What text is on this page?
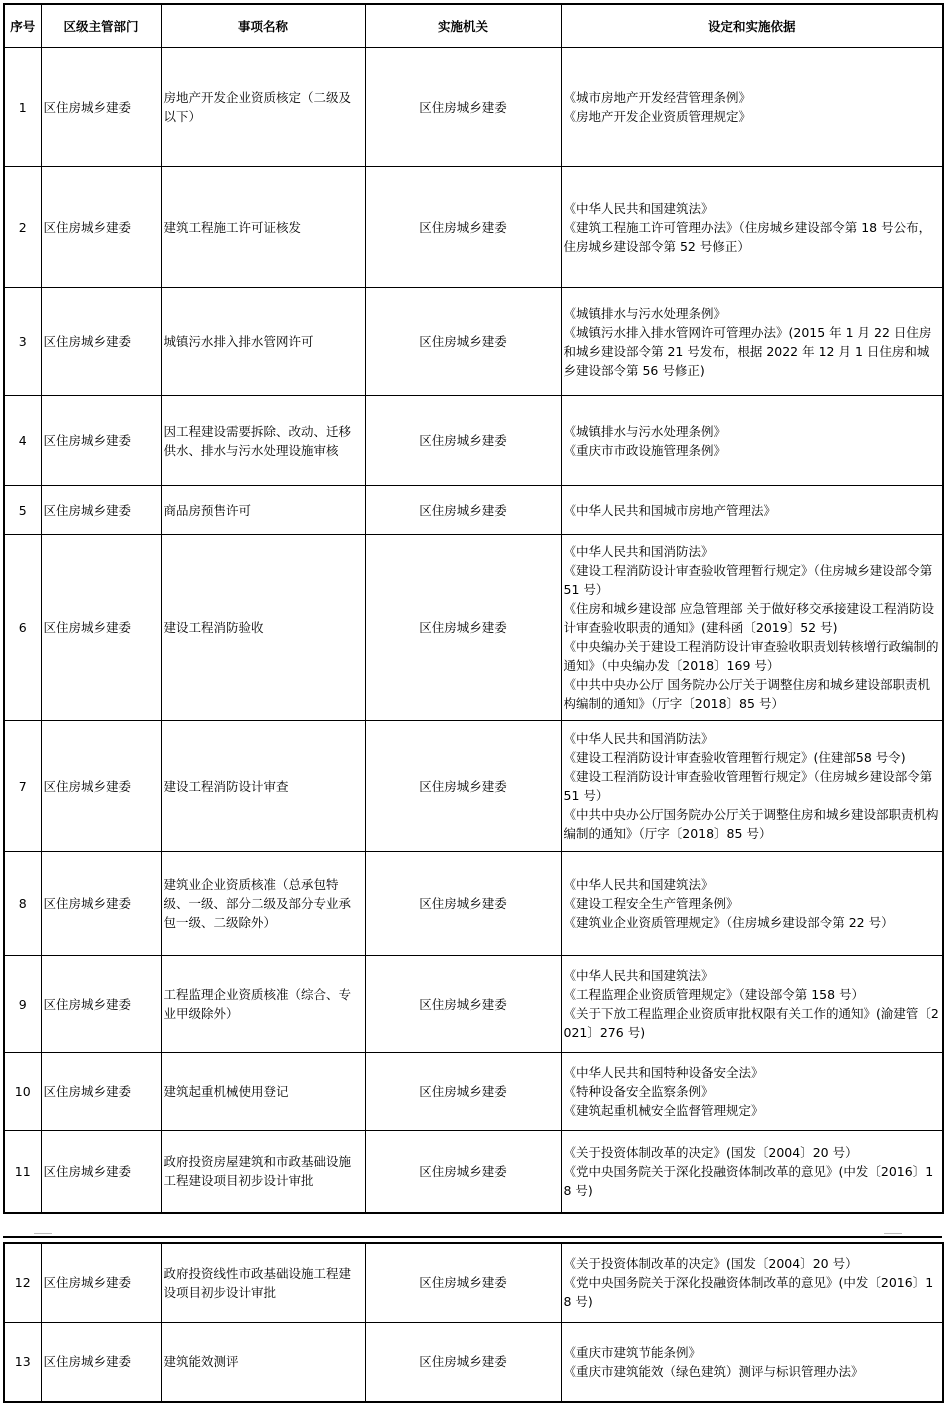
序号	区级主管部门	事项名称	实施机关	设定和实施依据
1	区住房城乡建委	房地产开发企业资质核定（二级及以下）	区住房城乡建委	《城市房地产开发经营管理条例》
《房地产开发企业资质管理规定》

2	区住房城乡建委	建筑工程施工许可证核发	区住房城乡建委	《中华人民共和国建筑法》
《建筑工程施工许可管理办法》（住房城乡建设部令第 18 号公布，住房城乡建设部令第 52 号修正）

3	区住房城乡建委	城镇污水排入排水管网许可	区住房城乡建委	《城镇排水与污水处理条例》
《城镇污水排入排水管网许可管理办法》(2015 年 1 月 22 日住房和城乡建设部令第 21 号发布，根据 2022 年 12 月 1 日住房和城乡建设部令第 56 号修正)

4	区住房城乡建委	因工程建设需要拆除、改动、迁移供水、排水与污水处理设施审核	区住房城乡建委	《城镇排水与污水处理条例》
《重庆市市政设施管理条例》

5	区住房城乡建委	商品房预售许可	区住房城乡建委	《中华人民共和国城市房地产管理法》

6	区住房城乡建委	建设工程消防验收	区住房城乡建委	《中华人民共和国消防法》
《建设工程消防设计审查验收管理暂行规定》（住房城乡建设部令第 51 号）
《住房和城乡建设部 应急管理部 关于做好移交承接建设工程消防设计审查验收职责的通知》(建科函〔2019〕52 号)
《中央编办关于建设工程消防设计审查验收职责划转核增行政编制的通知》（中央编办发〔2018〕169 号）
《中共中央办公厅 国务院办公厅关于调整住房和城乡建设部职责机构编制的通知》（厅字〔2018〕85 号）

7	区住房城乡建委	建设工程消防设计审查	区住房城乡建委	《中华人民共和国消防法》
《建设工程消防设计审查验收管理暂行规定》(住建部58 号令)
《建设工程消防设计审查验收管理暂行规定》（住房城乡建设部令第 51 号）
《中共中央办公厅国务院办公厅关于调整住房和城乡建设部职责机构编制的通知》（厅字〔2018〕85 号）

8	区住房城乡建委	建筑业企业资质核准（总承包特级、一级、部分二级及部分专业承包一级、二级除外）	区住房城乡建委	《中华人民共和国建筑法》
《建设工程安全生产管理条例》
《建筑业企业资质管理规定》（住房城乡建设部令第 22 号）

9	区住房城乡建委	工程监理企业资质核准（综合、专业甲级除外）	区住房城乡建委	《中华人民共和国建筑法》
《工程监理企业资质管理规定》（建设部令第 158 号）
《关于下放工程监理企业资质审批权限有关工作的通知》(渝建管〔2021〕276 号)

10	区住房城乡建委	建筑起重机械使用登记	区住房城乡建委	《中华人民共和国特种设备安全法》
《特种设备安全监察条例》
《建筑起重机械安全监督管理规定》

11	区住房城乡建委	政府投资房屋建筑和市政基础设施工程建设项目初步设计审批	区住房城乡建委	《关于投资体制改革的决定》(国发〔2004〕20 号）
《党中央国务院关于深化投融资体制改革的意见》(中发〔2016〕18 号)
12	区住房城乡建委	政府投资线性市政基础设施工程建设项目初步设计审批	区住房城乡建委	《关于投资体制改革的决定》(国发〔2004〕20 号）
《党中央国务院关于深化投融资体制改革的意见》(中发〔2016〕18 号)

13	区住房城乡建委	建筑能效测评	区住房城乡建委	《重庆市建筑节能条例》
《重庆市建筑能效（绿色建筑）测评与标识管理办法》
